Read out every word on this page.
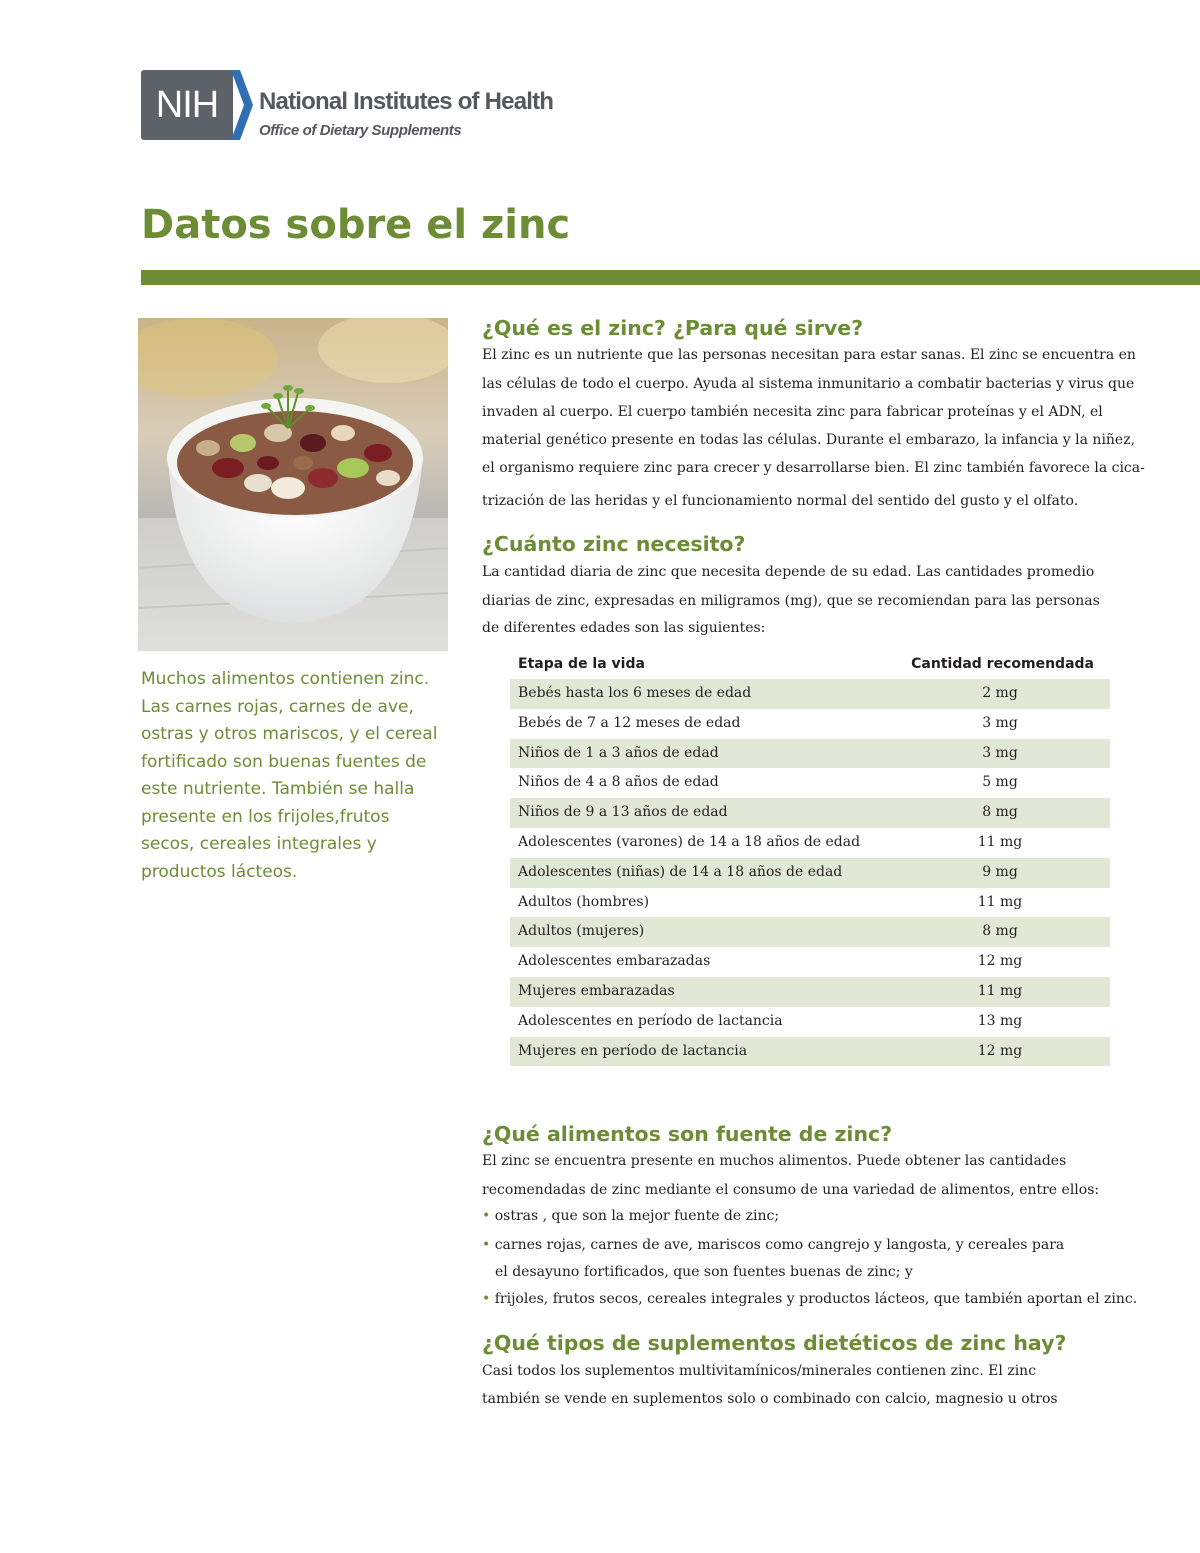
NIH	National Institutes of Health
Office of Dietary Supplements
Datos sobre el zinc

Muchos alimentos contienen zinc. Las carnes rojas, carnes de ave, ostras y otros mariscos, y el cereal fortificado son buenas fuentes de este nutriente. También se halla presente en los frijoles,frutos secos, cereales integrales y productos lácteos.

¿Qué es el zinc? ¿Para qué sirve?

El zinc es un nutriente que las personas necesitan para estar sanas. El zinc se encuentra en

las células de todo el cuerpo. Ayuda al sistema inmunitario a combatir bacterias y virus que

invaden al cuerpo. El cuerpo también necesita zinc para fabricar proteínas y el ADN, el

material genético presente en todas las células. Durante el embarazo, la infancia y la niñez,

el organismo requiere zinc para crecer y desarrollarse bien. El zinc también favorece la cica-

trización de las heridas y el funcionamiento normal del sentido del gusto y el olfato.

¿Cuánto zinc necesito?

La cantidad diaria de zinc que necesita depende de su edad. Las cantidades promedio

diarias de zinc, expresadas en miligramos (mg), que se recomiendan para las personas

de diferentes edades son las siguientes:

Etapa de la vida	Cantidad recomendada
Bebés hasta los 6 meses de edad	2 mg
Bebés de 7 a 12 meses de edad	3 mg
Niños de 1 a 3 años de edad	3 mg
Niños de 4 a 8 años de edad	5 mg
Niños de 9 a 13 años de edad	8 mg
Adolescentes (varones) de 14 a 18 años de edad	11 mg
Adolescentes (niñas) de 14 a 18 años de edad	9 mg
Adultos (hombres)	11 mg
Adultos (mujeres)	8 mg
Adolescentes embarazadas	12 mg
Mujeres embarazadas	11 mg
Adolescentes en período de lactancia	13 mg
Mujeres en período de lactancia	12 mg
¿Qué alimentos son fuente de zinc?

El zinc se encuentra presente en muchos alimentos. Puede obtener las cantidades

recomendadas de zinc mediante el consumo de una variedad de alimentos, entre ellos:

• ostras , que son la mejor fuente de zinc;

• carnes rojas, carnes de ave, mariscos como cangrejo y langosta, y cereales para

el desayuno fortificados, que son fuentes buenas de zinc; y

• frijoles, frutos secos, cereales integrales y productos lácteos, que también aportan el zinc.

¿Qué tipos de suplementos dietéticos de zinc hay?

Casi todos los suplementos multivitamínicos/minerales contienen zinc. El zinc

también se vende en suplementos solo o combinado con calcio, magnesio u otros
